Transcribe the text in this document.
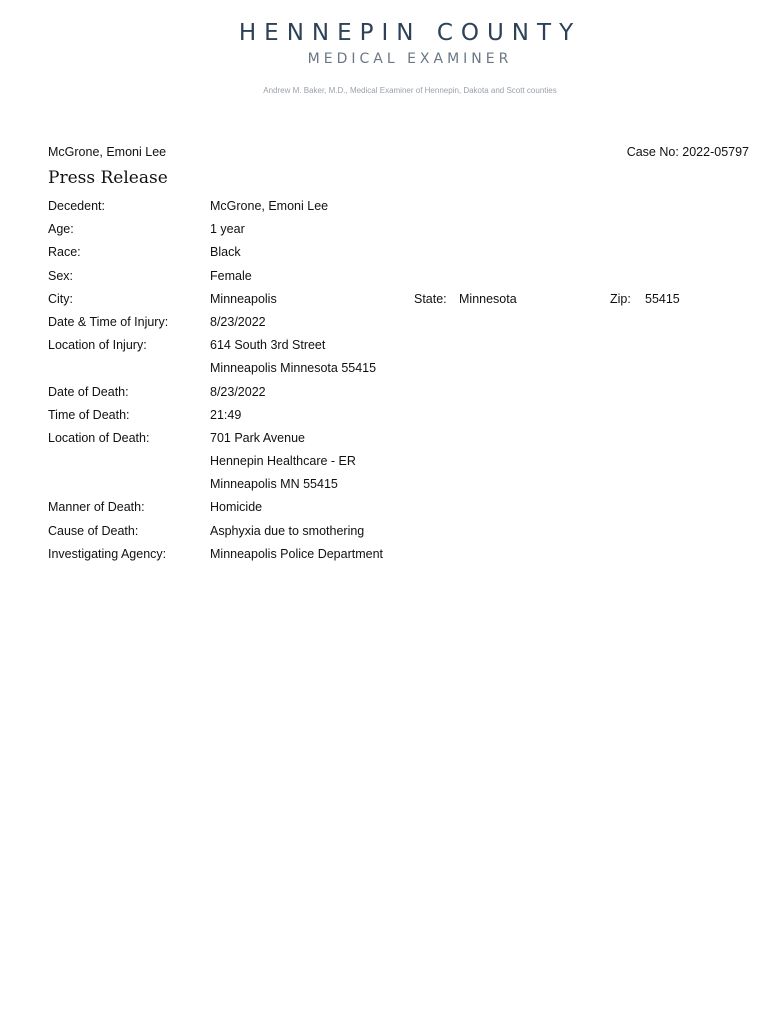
HENNEPIN COUNTY
MEDICAL EXAMINER
Andrew M. Baker, M.D., Medical Examiner of Hennepin, Dakota and Scott counties
McGrone, Emoni Lee	Case No: 2022-05797
Press Release
Decedent:	McGrone, Emoni Lee
Age:	1 year
Race:	Black
Sex:	Female
City:	Minneapolis	State: Minnesota	Zip: 55415
Date & Time of Injury:	8/23/2022
Location of Injury:	614 South 3rd Street
Minneapolis Minnesota 55415
Date of Death:	8/23/2022
Time of Death:	21:49
Location of Death:	701 Park Avenue
Hennepin Healthcare - ER
Minneapolis MN 55415
Manner of Death:	Homicide
Cause of Death:	Asphyxia due to smothering
Investigating Agency:	Minneapolis Police Department
